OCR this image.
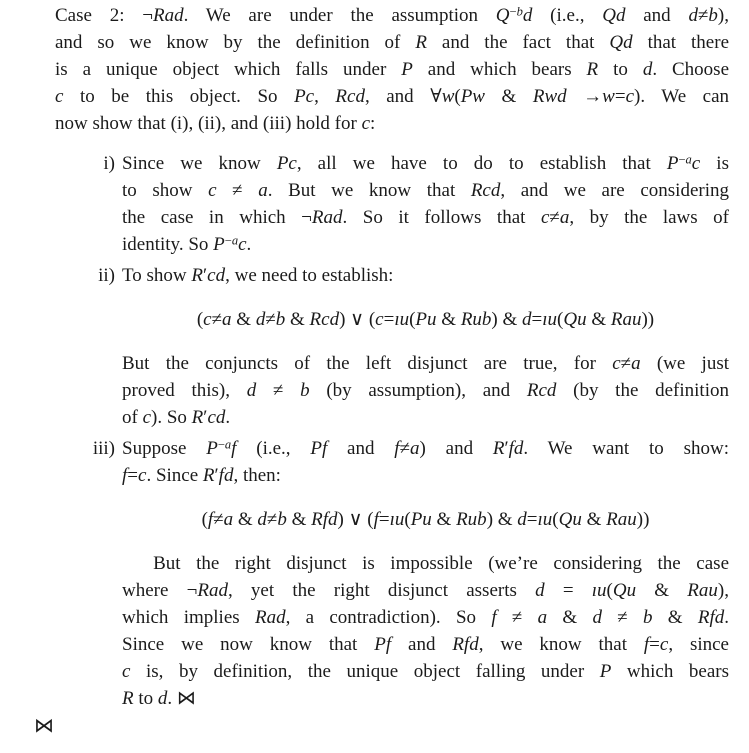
Case 2: ¬Rad. We are under the assumption $Q^{-b}d$ (i.e., Qd and d≠b),
and so we know by the definition of R and the fact that Qd that there
is a unique object which falls under P and which bears R to d. Choose
c to be this object. So Pc, Rcd, and ∀w(Pw & Rwd →w=c). We can
now show that (i), (ii), and (iii) hold for c:
i) Since we know Pc, all we have to do to establish that $P^{-a}c$ is
to show c ≠ a. But we know that Rcd, and we are considering
the case in which ¬Rad. So it follows that c≠a, by the laws of
identity. So $P^{-a}c$.
ii) To show R′cd, we need to establish:
(c≠a & d≠b & Rcd) ∨ (c=ıu(Pu & Rub) & d=ıu(Qu & Rau))
But the conjuncts of the left disjunct are true, for c≠a (we just
proved this), d ≠ b (by assumption), and Rcd (by the definition
of c). So R′cd.
iii) Suppose $P^{-a}f$ (i.e., Pf and f≠a) and R′fd. We want to show:
f=c. Since R′fd, then:
(f≠a & d≠b & Rfd) ∨ (f=ıu(Pu & Rub) & d=ıu(Qu & Rau))
But the right disjunct is impossible (we’re considering the case
where ¬Rad, yet the right disjunct asserts d = ıu(Qu & Rau),
which implies Rad, a contradiction). So f ≠ a & d ≠ b & Rfd.
Since we now know that Pf and Rfd, we know that f=c, since
c is, by definition, the unique object falling under P which bears
R to d. ⋈
⋈
